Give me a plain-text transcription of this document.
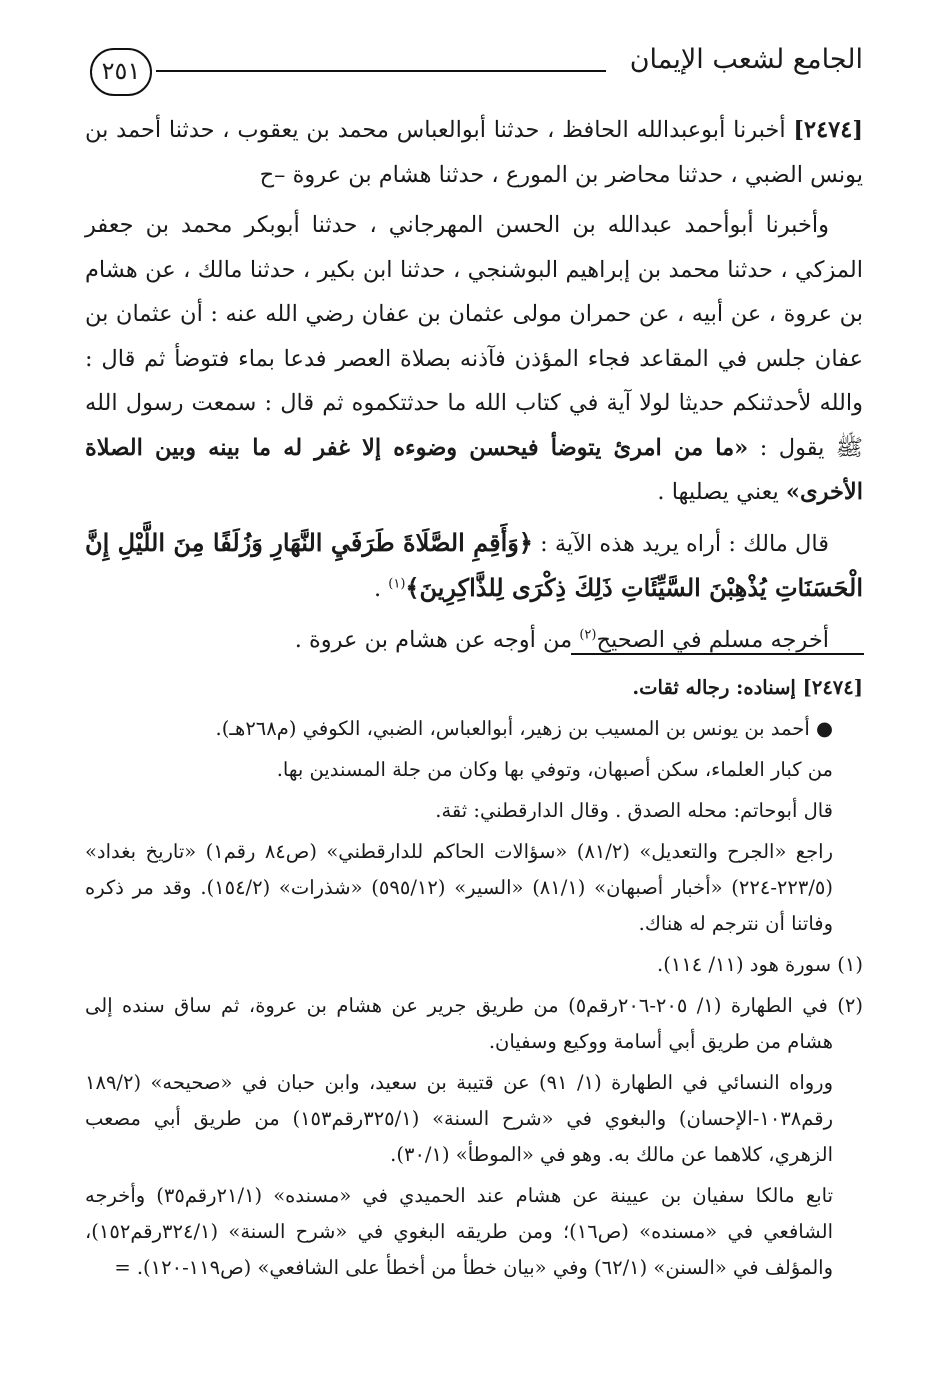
الجامع لشعب الإيمان
٢٥١

[٢٤٧٤] أخبرنا أبوعبدالله الحافظ ، حدثنا أبوالعباس محمد بن يعقوب ، حدثنا أحمد بن يونس الضبي ، حدثنا محاضر بن المورع ، حدثنا هشام بن عروة –ح

وأخبرنا أبوأحمد عبدالله بن الحسن المهرجاني ، حدثنا أبوبكر محمد بن جعفر المزكي ، حدثنا محمد بن إبراهيم البوشنجي ، حدثنا ابن بكير ، حدثنا مالك ، عن هشام بن عروة ، عن أبيه ، عن حمران مولى عثمان بن عفان رضي الله عنه : أن عثمان بن عفان جلس في المقاعد فجاء المؤذن فآذنه بصلاة العصر فدعا بماء فتوضأ ثم قال : والله لأحدثنكم حديثا لولا آية في كتاب الله ما حدثتكموه ثم قال : سمعت رسول الله ﷺ يقول : «ما من امرئ يتوضأ فيحسن وضوءه إلا غفر له ما بينه وبين الصلاة الأخرى» يعني يصليها .

قال مالك : أراه يريد هذه الآية : ﴿وَأَقِمِ الصَّلَاةَ طَرَفَيِ النَّهَارِ وَزُلَفًا مِنَ اللَّيْلِ إِنَّ الْحَسَنَاتِ يُذْهِبْنَ السَّيِّئَاتِ ذَلِكَ ذِكْرَى لِلذَّاكِرِينَ﴾$^{(١)}$ .

أخرجه مسلم في الصحيح$^{(٢)}$ من أوجه عن هشام بن عروة .

[٢٤٧٤] إسناده: رجاله ثقات.

● أحمد بن يونس بن المسيب بن زهير، أبوالعباس، الضبي، الكوفي (م٢٦٨هـ).

من كبار العلماء، سكن أصبهان، وتوفي بها وكان من جلة المسندين بها.

قال أبوحاتم: محله الصدق . وقال الدارقطني: ثقة.

راجع «الجرح والتعديل» (٨١/٢) «سؤالات الحاكم للدارقطني» (ص٨٤ رقم١) «تاريخ بغداد» (٢٢٣/٥-٢٢٤) «أخبار أصبهان» (٨١/١) «السير» (٥٩٥/١٢) «شذرات» (١٥٤/٢). وقد مر ذكره وفاتنا أن نترجم له هناك.

(١) سورة هود (١١/ ١١٤).

(٢) في الطهارة (١/ ٢٠٥-٢٠٦رقم٥) من طريق جرير عن هشام بن عروة، ثم ساق سنده إلى هشام من طريق أبي أسامة ووكيع وسفيان.

ورواه النسائي في الطهارة (١/ ٩١) عن قتيبة بن سعيد، وابن حبان في «صحيحه» (١٨٩/٢ رقم١٠٣٨-الإحسان) والبغوي في «شرح السنة» (٣٢٥/١رقم١٥٣) من طريق أبي مصعب الزهري، كلاهما عن مالك به. وهو في «الموطأ» (٣٠/١).

تابع مالكا سفيان بن عيينة عن هشام عند الحميدي في «مسنده» (٢١/١رقم٣٥) وأخرجه الشافعي في «مسنده» (ص١٦)؛ ومن طريقه البغوي في «شرح السنة» (٣٢٤/١رقم١٥٢)، والمؤلف في «السنن» (٦٢/١) وفي «بيان خطأ من أخطأ على الشافعي» (ص١١٩-١٢٠). =
